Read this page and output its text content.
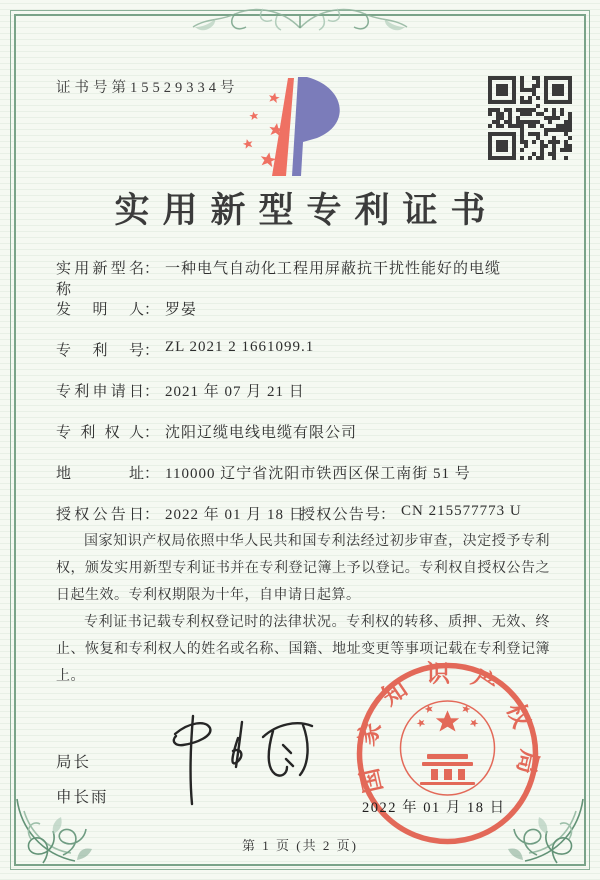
证书号第15529334号
实用新型专利证书
实用新型名称： 一种电气自动化工程用屏蔽抗干扰性能好的电缆
发明人： 罗晏
专利号： ZL 2021 2 1661099.1
专利申请日： 2021 年 07 月 21 日
专利权人： 沈阳辽缆电线电缆有限公司
地址： 110000 辽宁省沈阳市铁西区保工南街 51 号
授权公告日： 2022 年 01 月 18 日
授权公告号： CN 215577773 U

国家知识产权局依照中华人民共和国专利法经过初步审查，决定授予专利权，颁发实用新型专利证书并在专利登记簿上予以登记。专利权自授权公告之日起生效。专利权期限为十年，自申请日起算。

专利证书记载专利权登记时的法律状况。专利权的转移、质押、无效、终止、恢复和专利权人的姓名或名称、国籍、地址变更等事项记载在专利登记簿上。

局长
申长雨
国家知识产权局
2022 年 01 月 18 日
第 1 页 (共 2 页)
